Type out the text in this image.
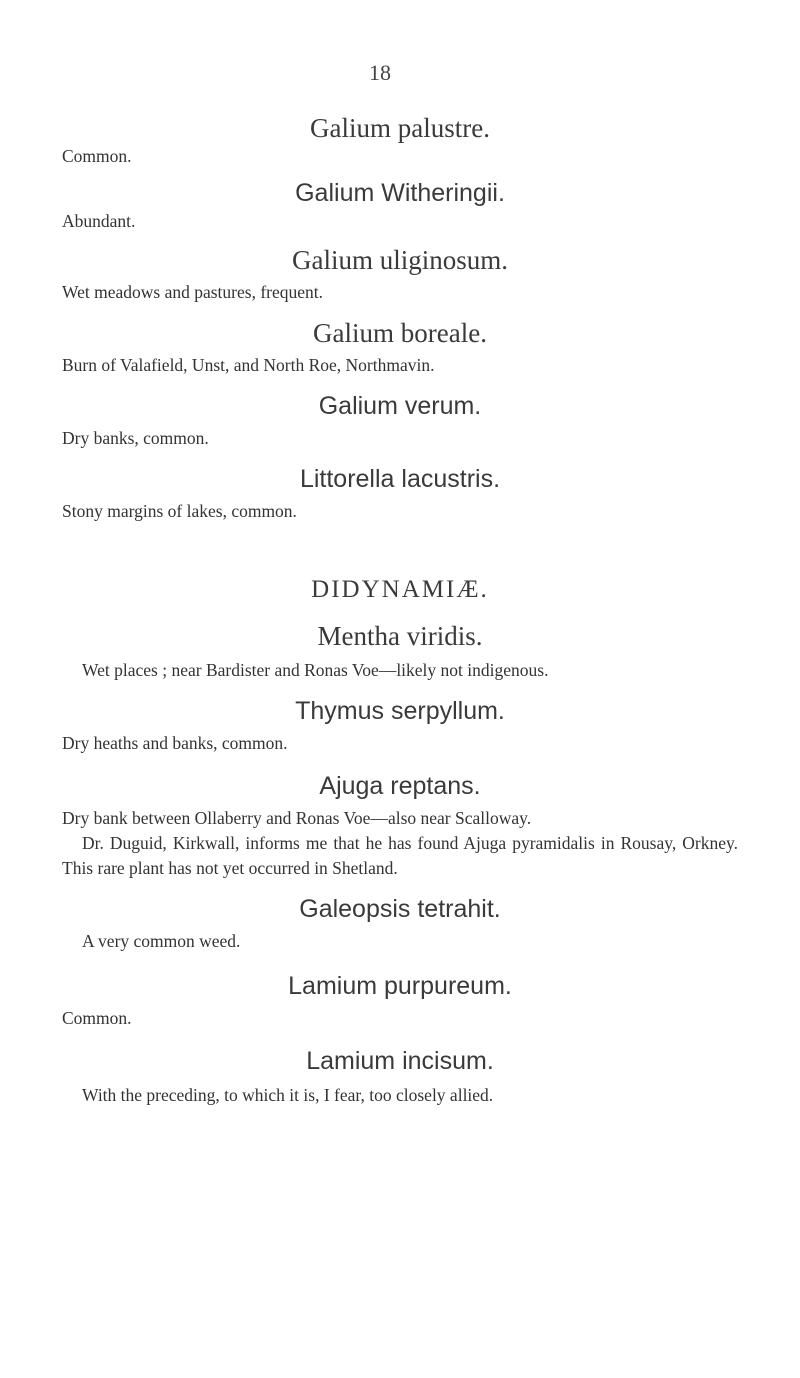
18

Galium palustre.

Common.

Galium Witheringii.

Abundant.

Galium uliginosum.

Wet meadows and pastures, frequent.

Galium boreale.

Burn of Valafield, Unst, and North Roe, Northmavin.

Galium verum.

Dry banks, common.

Littorella lacustris.

Stony margins of lakes, common.

DIDYNAMIÆ.

Mentha viridis.

Wet places ; near Bardister and Ronas Voe—likely not indigenous.

Thymus serpyllum.

Dry heaths and banks, common.

Ajuga reptans.

Dry bank between Ollaberry and Ronas Voe—also near Scalloway.

Dr. Duguid, Kirkwall, informs me that he has found Ajuga pyramidalis in Rousay, Orkney. This rare plant has not yet occurred in Shetland.

Galeopsis tetrahit.

A very common weed.

Lamium purpureum.

Common.

Lamium incisum.

With the preceding, to which it is, I fear, too closely allied.
